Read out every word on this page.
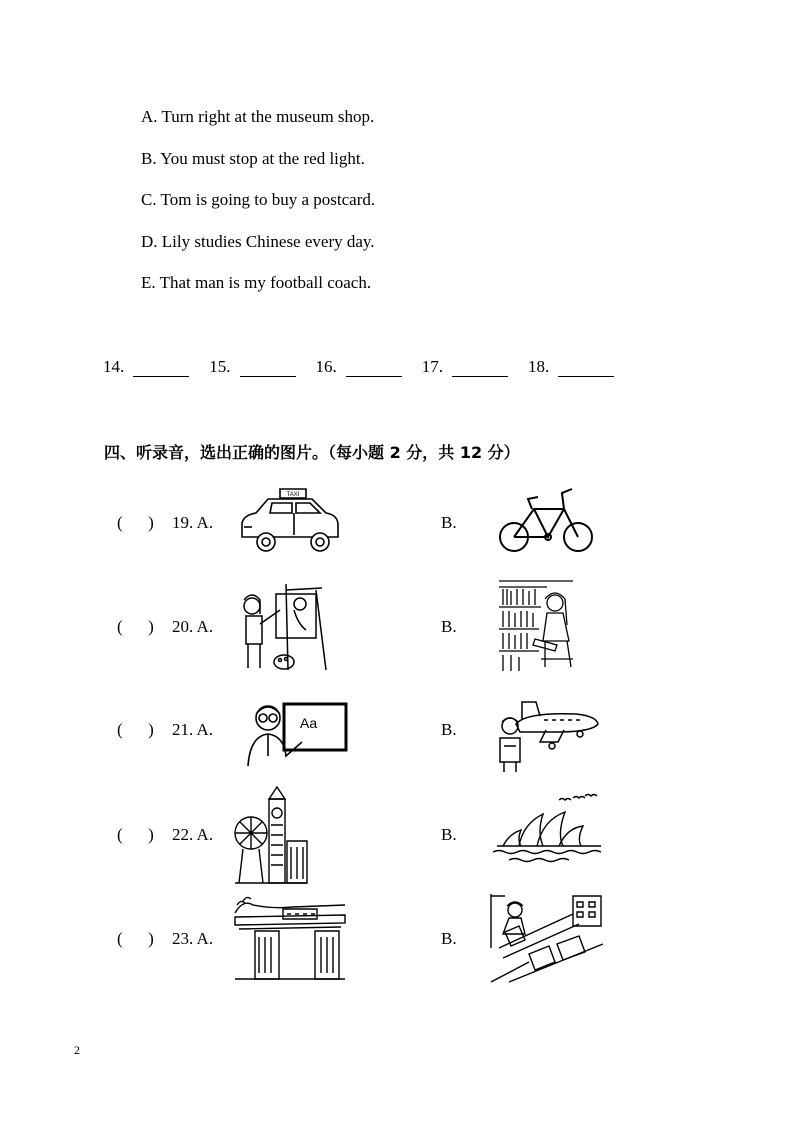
A. Turn right at the museum shop.
B. You must stop at the red light.
C. Tom is going to buy a postcard.
D. Lily studies Chinese every day.
E. That man is my football coach.
14.	15.	16.	17.	18.
四、听录音，选出正确的图片。（每小题 2 分，共 12 分）
( ) 19. A.	B.
( ) 20. A.	B.
( ) 21. A.	B.
( ) 22. A.	B.
( ) 23. A.	B.
TAXI
Aa
2
